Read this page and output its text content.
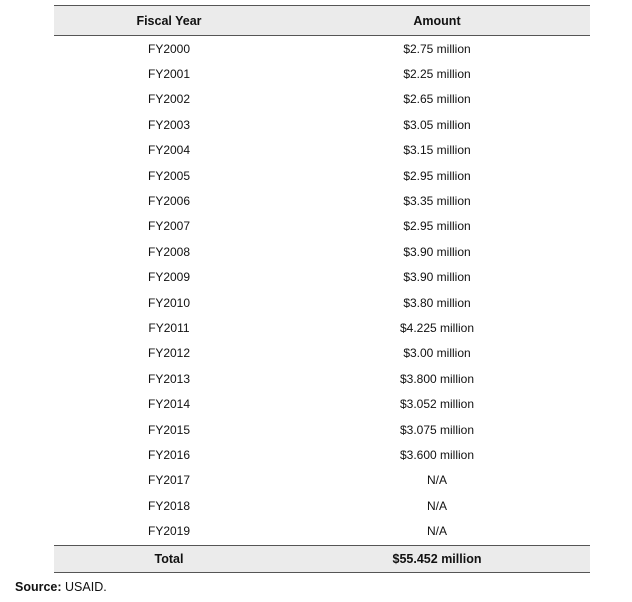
Fiscal Year	Amount
FY2000	$2.75 million
FY2001	$2.25 million
FY2002	$2.65 million
FY2003	$3.05 million
FY2004	$3.15 million
FY2005	$2.95 million
FY2006	$3.35 million
FY2007	$2.95 million
FY2008	$3.90 million
FY2009	$3.90 million
FY2010	$3.80 million
FY2011	$4.225 million
FY2012	$3.00 million
FY2013	$3.800 million
FY2014	$3.052 million
FY2015	$3.075 million
FY2016	$3.600 million
FY2017	N/A
FY2018	N/A
FY2019	N/A
Total	$55.452 million
Source: USAID.
